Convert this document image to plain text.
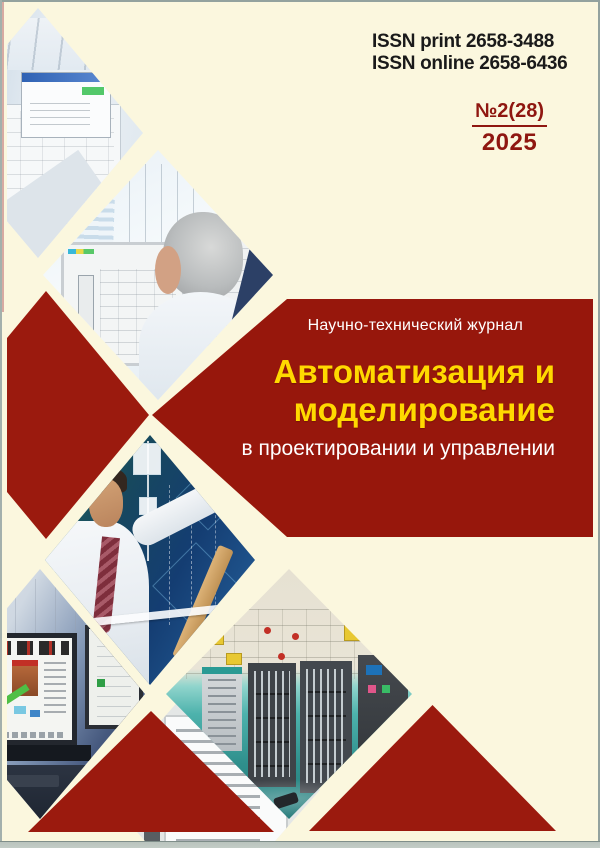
ISSN print 2658-3488
ISSN online 2658-6436
№2(28)
2025
Научно-технический журнал
Автоматизация и
моделирование
в проектировании и управлении
